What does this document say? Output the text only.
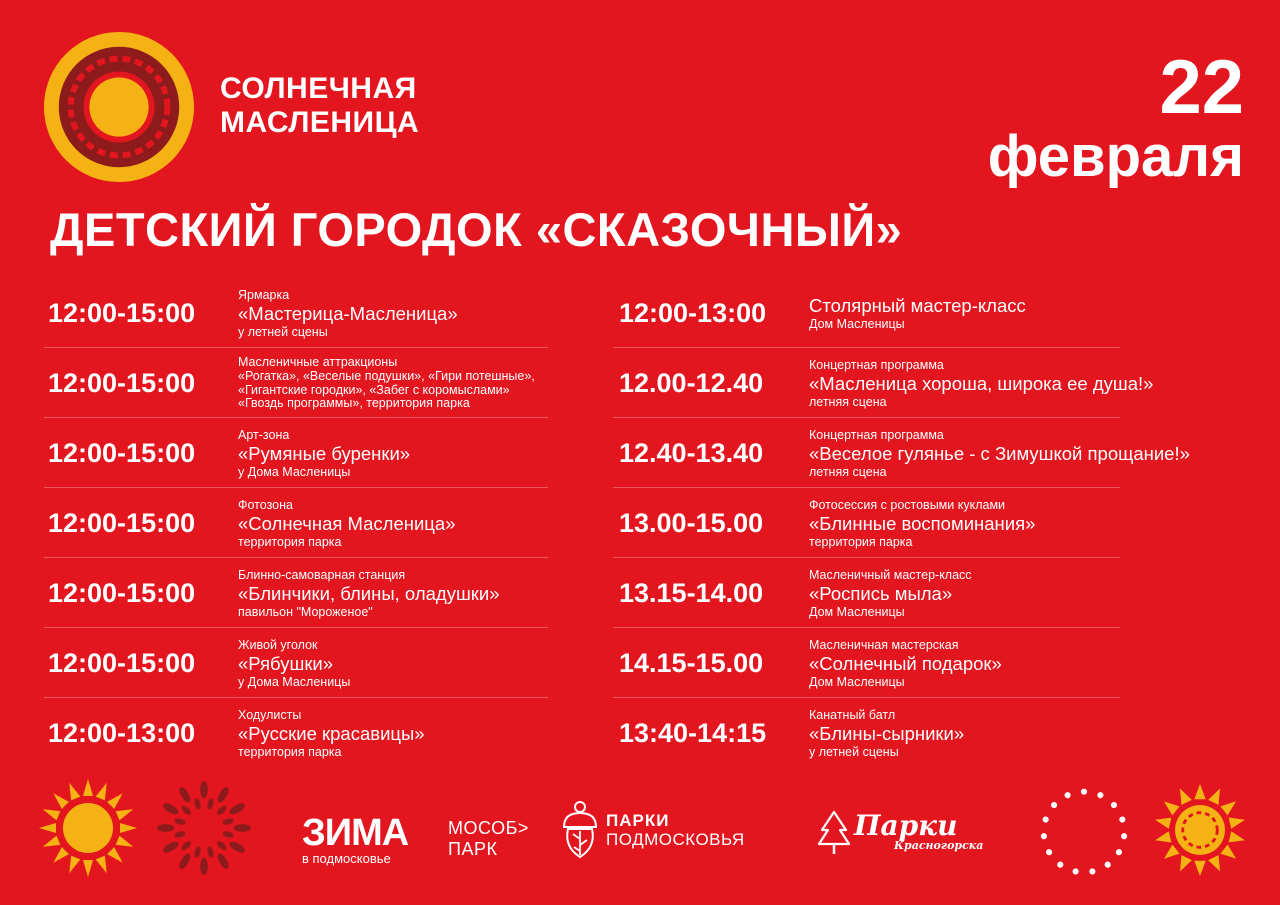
СОЛНЕЧНАЯ
МАСЛЕНИЦА	22
февраля
ДЕТСКИЙ ГОРОДОК «СКАЗОЧНЫЙ»
12:00-15:00
Ярмарка
«Мастерица-Масленица»
у летней сцены
12:00-15:00
Масленичные аттракционы
«Рогатка», «Веселые подушки», «Гири потешные»,
«Гигантские городки», «Забег с коромыслами»
«Гвоздь программы», территория парка
12:00-15:00
Арт-зона
«Румяные буренки»
у Дома Масленицы
12:00-15:00
Фотозона
«Солнечная Масленица»
территория парка
12:00-15:00
Блинно-самоварная станция
«Блинчики, блины, оладушки»
павильон "Мороженое"
12:00-15:00
Живой уголок
«Рябушки»
у Дома Масленицы
12:00-13:00
Ходулисты
«Русские красавицы»
территория парка
12:00-13:00 Столярный мастер-класс
Дом Масленицы
12.00-12.40
Концертная программа
«Масленица хороша, широка ее душа!»
летняя сцена
12.40-13.40
Концертная программа
«Веселое гулянье - с Зимушкой прощание!»
летняя сцена
13.00-15.00
Фотосессия с ростовыми куклами
«Блинные воспоминания»
территория парка
13.15-14.00
Масленичный мастер-класс
«Роспись мыла»
Дом Масленицы
14.15-15.00
Масленичная мастерская
«Солнечный подарок»
Дом Масленицы
13:40-14:15
Канатный батл
«Блины-сырники»
у летней сцены
ЗИМА
в подмосковье
МОСОБ>
ПАРК
ПАРКИ
ПОДМОСКОВЬЯ	Парки
Красногорска
